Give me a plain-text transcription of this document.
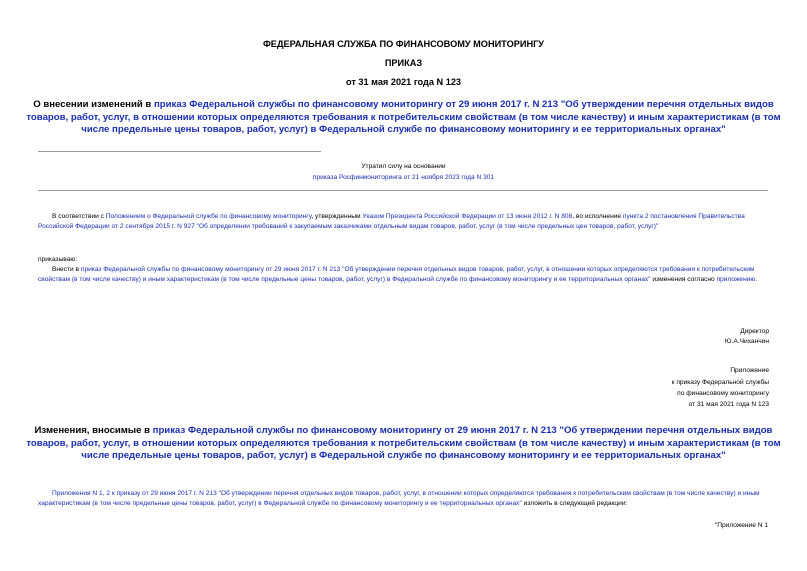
ФЕДЕРАЛЬНАЯ СЛУЖБА ПО ФИНАНСОВОМУ МОНИТОРИНГУ
ПРИКАЗ
от 31 мая 2021 года N 123
О внесении изменений в приказ Федеральной службы по финансовому мониторингу от 29 июня 2017 г. N 213 "Об утверждении перечня отдельных видов товаров, работ, услуг, в отношении которых определяются требования к потребительским свойствам (в том числе качеству) и иным характеристикам (в том числе предельные цены товаров, работ, услуг) в Федеральной службе по финансовому мониторингу и ее территориальных органах"
Утратил силу на основании
приказа Росфинмониторинга от 21 ноября 2023 года N 301
В соответствии с Положением о Федеральной службе по финансовому мониторингу, утвержденным Указом Президента Российской Федерации от 13 июня 2012 г. N 808, во исполнение пункта 2 постановления Правительства Российской Федерации от 2 сентября 2015 г. N 927 "Об определении требований к закупаемым заказчиками отдельным видам товаров, работ, услуг (в том числе предельных цен товаров, работ, услуг)"
приказываю:
Внести в приказ Федеральной службы по финансовому мониторингу от 29 июня 2017 г. N 213 "Об утверждении перечня отдельных видов товаров, работ, услуг, в отношении которых определяются требования к потребительским свойствам (в том числе качеству) и иным характеристикам (в том числе предельные цены товаров, работ, услуг) в Федеральной службе по финансовому мониторингу и ее территориальных органах" изменения согласно приложению.
Директор
Ю.А.Чиханчин
Приложение
к приказу Федеральной службы
по финансовому мониторингу
от 31 мая 2021 года N 123
Изменения, вносимые в приказ Федеральной службы по финансовому мониторингу от 29 июня 2017 г. N 213 "Об утверждении перечня отдельных видов товаров, работ, услуг, в отношении которых определяются требования к потребительским свойствам (в том числе качеству) и иным характеристикам (в том числе предельные цены товаров, работ, услуг) в Федеральной службе по финансовому мониторингу и ее территориальных органах"
Приложения N 1, 2 к приказу от 29 июня 2017 г. N 213 "Об утверждении перечня отдельных видов товаров, работ, услуг, в отношении которых определяются требования к потребительским свойствам (в том числе качеству) и иным характеристикам (в том числе предельные цены товаров, работ, услуг) в Федеральной службе по финансовому мониторингу и ее территориальных органах" изложить в следующей редакции:
"Приложение N 1
